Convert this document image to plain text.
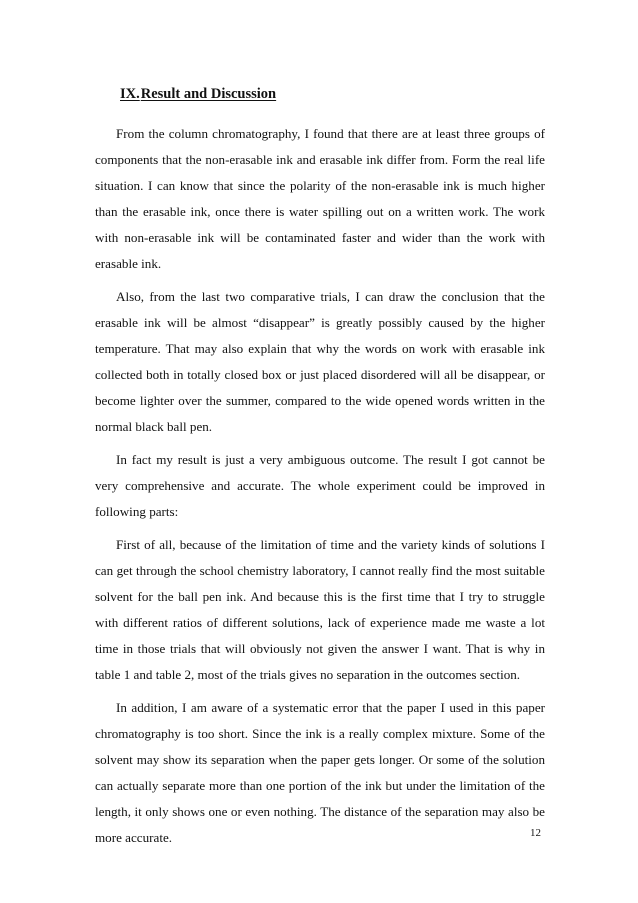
IX.Result and Discussion

From the column chromatography, I found that there are at least three groups of components that the non-erasable ink and erasable ink differ from. Form the real life situation. I can know that since the polarity of the non-erasable ink is much higher than the erasable ink, once there is water spilling out on a written work. The work with non-erasable ink will be contaminated faster and wider than the work with erasable ink.

Also, from the last two comparative trials, I can draw the conclusion that the erasable ink will be almost “disappear” is greatly possibly caused by the higher temperature. That may also explain that why the words on work with erasable ink collected both in totally closed box or just placed disordered will all be disappear, or become lighter over the summer, compared to the wide opened words written in the normal black ball pen.

In fact my result is just a very ambiguous outcome. The result I got cannot be very comprehensive and accurate. The whole experiment could be improved in following parts:

First of all, because of the limitation of time and the variety kinds of solutions I can get through the school chemistry laboratory, I cannot really find the most suitable solvent for the ball pen ink. And because this is the first time that I try to struggle with different ratios of different solutions, lack of experience made me waste a lot time in those trials that will obviously not given the answer I want. That is why in table 1 and table 2, most of the trials gives no separation in the outcomes section.

In addition, I am aware of a systematic error that the paper I used in this paper chromatography is too short. Since the ink is a really complex mixture. Some of the solvent may show its separation when the paper gets longer. Or some of the solution can actually separate more than one portion of the ink but under the limitation of the length, it only shows one or even nothing. The distance of the separation may also be more accurate.	12
